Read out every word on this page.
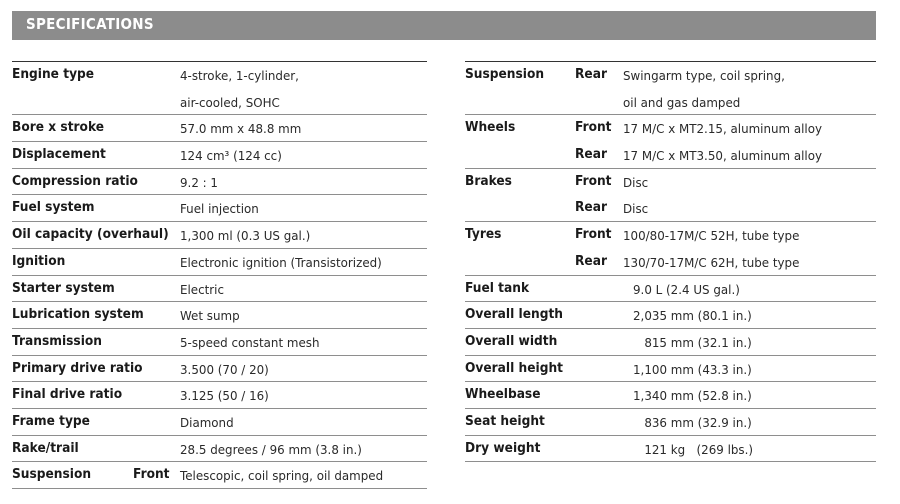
SPECIFICATIONS
Engine type	4-stroke, 1-cylinder,
air-cooled, SOHC
Bore x stroke	57.0 mm x 48.8 mm
Displacement	124 cm³ (124 cc)
Compression ratio	9.2 : 1
Fuel system	Fuel injection
Oil capacity (overhaul) 1,300 ml (0.3 US gal.)
Ignition	Electronic ignition (Transistorized)
Starter system	Electric
Lubrication system	Wet sump
Transmission	5-speed constant mesh
Primary drive ratio	3.500 (70 / 20)
Final drive ratio	3.125 (50 / 16)
Frame type	Diamond
Rake/trail	28.5 degrees / 96 mm (3.8 in.)
Suspension	Front Telescopic, coil spring, oil damped
Suspension Rear Swingarm type, coil spring,
oil and gas damped
Wheels	Front 17 M/C x MT2.15, aluminum alloy
Rear 17 M/C x MT3.50, aluminum alloy
Brakes	Front Disc
Rear Disc
Tyres	Front 100/80-17M/C 52H, tube type
Rear 130/70-17M/C 62H, tube type
Fuel tank	9.0 L (2.4 US gal.)
Overall length	2,035 mm (80.1 in.)
Overall width	815 mm (32.1 in.)
Overall height	1,100 mm (43.3 in.)
Wheelbase	1,340 mm (52.8 in.)
Seat height	836 mm (32.9 in.)
Dry weight	121 kg   (269 lbs.)
